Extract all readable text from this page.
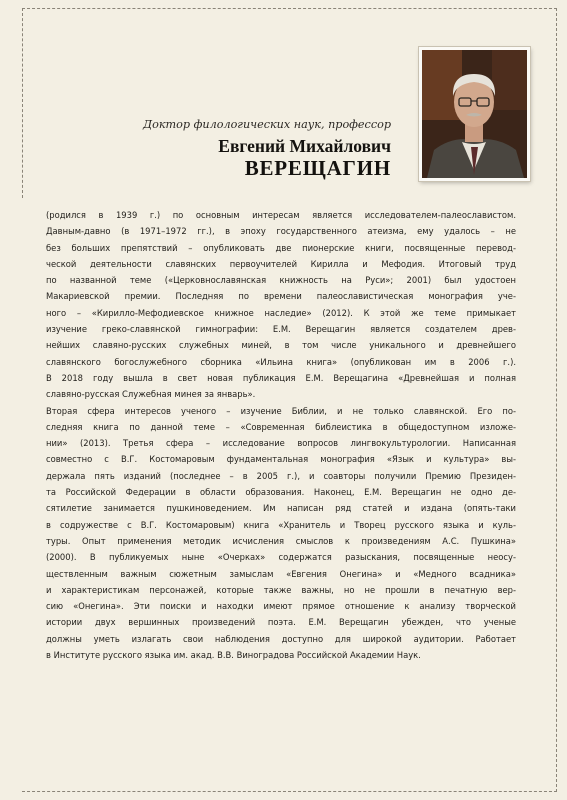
Доктор филологических наук, профессор
Евгений Михайлович
ВЕРЕЩАГИН
(родился в 1939 г.) по основным интересам является исследователем-палеославистом.
Давным-давно (в 1971–1972 гг.), в эпоху государственного атеизма, ему удалось – не
без больших препятствий – опубликовать две пионерские книги, посвященные перевод-
ческой деятельности славянских первоучителей Кирилла и Мефодия. Итоговый труд
по названной теме («Церковнославянская книжность на Руси»; 2001) был удостоен
Макариевской премии. Последняя по времени палеославистическая монография уче-
ного – «Кирилло-Мефодиевское книжное наследие» (2012). К этой же теме примыкает
изучение греко-славянской гимнографии: Е.М. Верещагин является создателем древ-
нейших славяно-русских служебных миней, в том числе уникального и древнейшего
славянского богослужебного сборника «Ильина книга» (опубликован им в 2006 г.).
В 2018 году вышла в свет новая публикация Е.М. Верещагина «Древнейшая и полная
славяно-русская Служебная минея за январь».
Вторая сфера интересов ученого – изучение Библии, и не только славянской. Его по-
следняя книга по данной теме – «Современная библеистика в общедоступном изложе-
нии» (2013). Третья сфера – исследование вопросов лингвокультурологии. Написанная
совместно с В.Г. Костомаровым фундаментальная монография «Язык и культура» вы-
держала пять изданий (последнее – в 2005 г.), и соавторы получили Премию Президен-
та Российской Федерации в области образования. Наконец, Е.М. Верещагин не одно де-
сятилетие занимается пушкиноведением. Им написан ряд статей и издана (опять-таки
в содружестве с В.Г. Костомаровым) книга «Хранитель и Творец русского языка и куль-
туры. Опыт применения методик исчисления смыслов к произведениям А.С. Пушкина»
(2000). В публикуемых ныне «Очерках» содержатся разыскания, посвященные неосу-
ществленным важным сюжетным замыслам «Евгения Онегина» и «Медного всадника»
и характеристикам персонажей, которые также важны, но не прошли в печатную вер-
сию «Онегина». Эти поиски и находки имеют прямое отношение к анализу творческой
истории двух вершинных произведений поэта. Е.М. Верещагин убежден, что ученые
должны уметь излагать свои наблюдения доступно для широкой аудитории. Работает
в Институте русского языка им. акад. В.В. Виноградова Российской Академии Наук.
